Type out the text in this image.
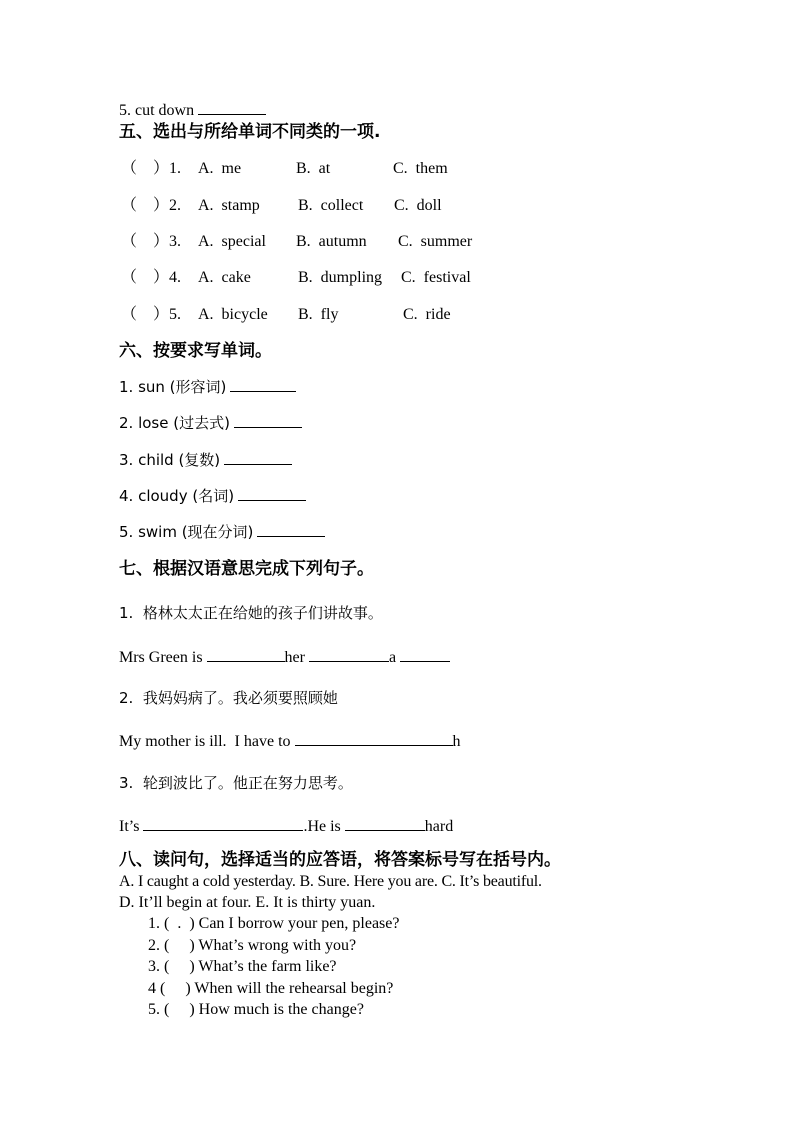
5. cut down
五、选出与所给单词不同类的一项.
（　）1. A.  me	B.  at	C.  them
（　）2. A.  stamp B.  collect C.  doll
（　）3. A.  special B.  autumn C.  summer
（　）4. A.  cake	B.  dumpling C.  festival
（　）5. A.  bicycle B.  fly	C.  ride
六、按要求写单词。
1. sun (形容词)
2. lose (过去式)
3. child (复数)
4. cloudy (名词)
5. swim (现在分词)
七、根据汉语意思完成下列句子。
1.  格林太太正在给她的孩子们讲故事。
Mrs Green is	her	a
2.  我妈妈病了。我必须要照顾她
My mother is ill.  I have to	h
3.  轮到波比了。他正在努力思考。
It’s	.He is	hard
八、读问句，选择适当的应答语，将答案标号写在括号内。
A. I caught a cold yesterday. B. Sure. Here you are. C. It’s beautiful.
D. It’ll begin at four. E. It is thirty yuan.
1. (  .  ) Can I borrow your pen, please?
2. (     ) What’s wrong with you?
3. (     ) What’s the farm like?
4 (     ) When will the rehearsal begin?
5. (     ) How much is the change?
